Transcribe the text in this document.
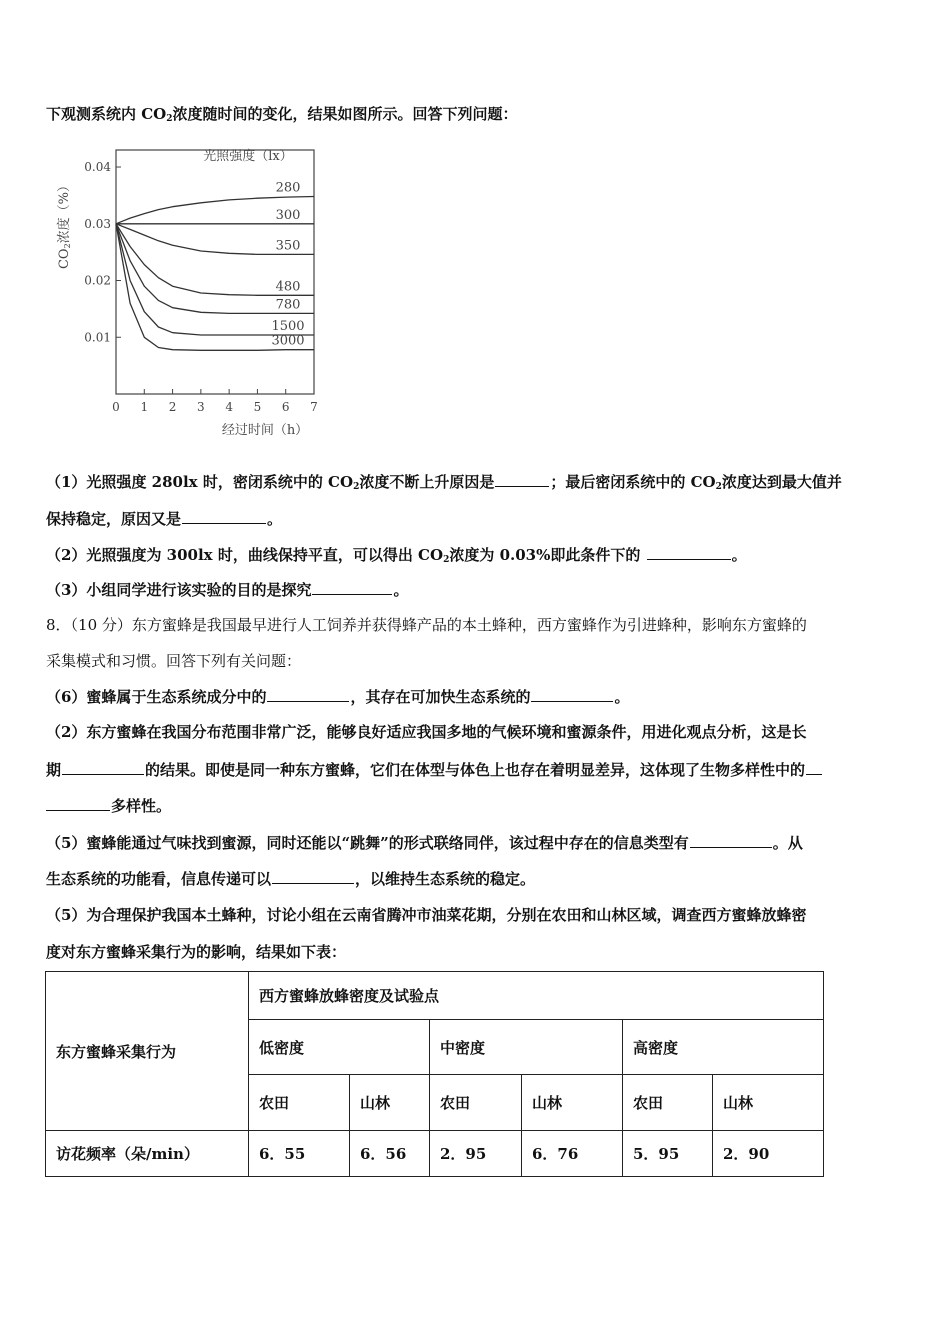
下观测系统内 $CO_2$浓度随时间的变化，结果如图所示。回答下列问题：
CO2浓度（%）
0.01
0.02
0.03
0.04
0 1 2 3 4 5 6 7
280
300
350
480
780
1500
3000
光照强度（lx）
经过时间（h）
（1）光照强度 280lx 时，密闭系统中的 $CO_2$浓度不断上升原因是	；最后密闭系统中的 $CO_2$浓度达到最大值并
保持稳定，原因又是	。
（2）光照强度为 300lx 时，曲线保持平直，可以得出 $CO_2$浓度为 0.03%即此条件下的	。
（3）小组同学进行该实验的目的是探究	。
8．（10 分）东方蜜蜂是我国最早进行人工饲养并获得蜂产品的本土蜂种，西方蜜蜂作为引进蜂种，影响东方蜜蜂的
采集模式和习惯。回答下列有关问题：
（6）蜜蜂属于生态系统成分中的	，其存在可加快生态系统的	。
（2）东方蜜蜂在我国分布范围非常广泛，能够良好适应我国多地的气候环境和蜜源条件，用进化观点分析，这是长
期	的结果。即使是同一种东方蜜蜂，它们在体型与体色上也存在着明显差异，这体现了生物多样性中的
多样性。
（5）蜜蜂能通过气味找到蜜源，同时还能以“跳舞”的形式联络同伴，该过程中存在的信息类型有	。从
生态系统的功能看，信息传递可以	，以维持生态系统的稳定。
（5）为合理保护我国本土蜂种，讨论小组在云南省腾冲市油菜花期，分别在农田和山林区域，调查西方蜜蜂放蜂密
度对东方蜜蜂采集行为的影响，结果如下表：
东方蜜蜂采集行为	西方蜜蜂放蜂密度及试验点					
	低密度		中密度		高密度	
	农田	山林	农田	山林	农田	山林
访花频率（朵/min）	6．55	6．56	2．95	6．76	5．95	2．90
